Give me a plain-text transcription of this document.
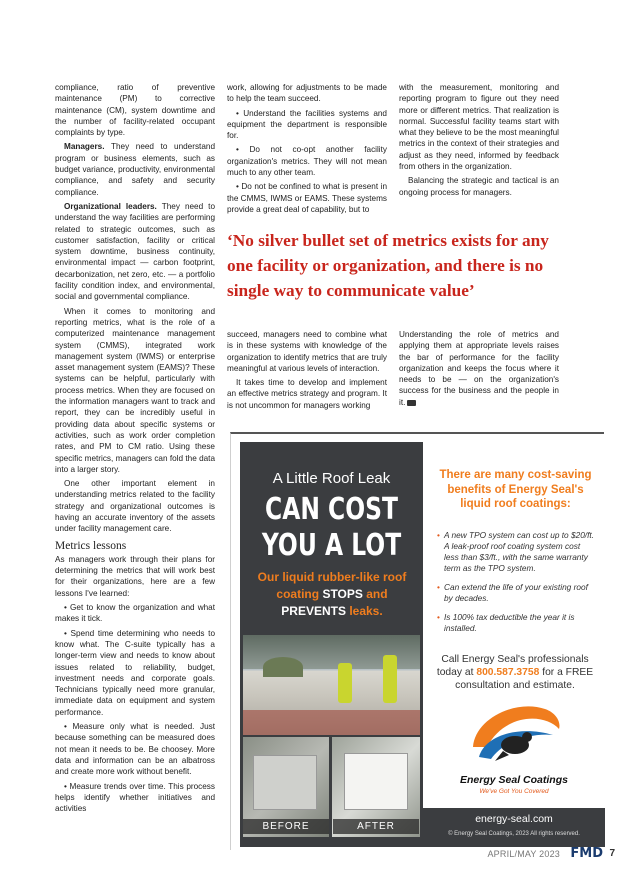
compliance, ratio of preventive maintenance (PM) to corrective maintenance (CM), system downtime and the number of facility-related occupant complaints by type.

Managers. They need to understand program or business elements, such as budget variance, productivity, environmental compliance, and safety and security compliance.

Organizational leaders. They need to understand the way facilities are performing related to strategic outcomes, such as customer satisfaction, facility or critical system downtime, business continuity, environmental impact — carbon footprint, decarbonization, net zero, etc. — a portfolio facility condition index, and environmental, social and governmental compliance.

When it comes to monitoring and reporting metrics, what is the role of a computerized maintenance management system (CMMS), integrated work management system (IWMS) or enterprise asset management system (EAMS)? These systems can be helpful, particularly with process metrics. When they are focused on the information managers want to track and report, they can be incredibly useful in providing data about specific systems or activities, such as work order completion rates, and PM to CM ratio. Using these specific metrics, managers can fold the data into a larger story.

One other important element in understanding metrics related to the facility strategy and organizational outcomes is having an accurate inventory of the assets under facility management care.

Metrics lessons

As managers work through their plans for determining the metrics that will work best for their organizations, here are a few lessons I've learned:

• Get to know the organization and what makes it tick.

• Spend time determining who needs to know what. The C-suite typically has a longer-term view and needs to know about issues related to reliability, budget, investment needs and corporate goals. Technicians typically need more granular, immediate data on equipment and system performance.

• Measure only what is needed. Just because something can be measured does not mean it needs to be. Be choosey. More data and information can be an albatross and create more work without benefit.

• Measure trends over time. This process helps identify whether initiatives and activities

work, allowing for adjustments to be made to help the team succeed.

• Understand the facilities systems and equipment the department is responsible for.

• Do not co-opt another facility organization's metrics. They will not mean much to any other team.

• Do not be confined to what is present in the CMMS, IWMS or EAMS. These systems provide a great deal of capability, but to

with the measurement, monitoring and reporting program to figure out they need more or different metrics. That realization is normal. Successful facility teams start with what they believe to be the most meaningful metrics in the context of their strategies and adjust as they need, informed by feedback from others in the organization.

Balancing the strategic and tactical is an ongoing process for managers.

‘No silver bullet set of metrics exists for any one facility or organization, and there is no single way to communicate value’

succeed, managers need to combine what is in these systems with knowledge of the organization to identify metrics that are truly meaningful at various levels of interaction.

It takes time to develop and implement an effective metrics strategy and program. It is not uncommon for managers working

Understanding the role of metrics and applying them at appropriate levels raises the bar of performance for the facility organization and keeps the focus where it needs to be — on the organization's success for the business and the people in it.

A Little Roof Leak
CAN COST
YOU A LOT
Our liquid rubber-like roof coating STOPS and PREVENTS leaks.
BEFORE	AFTER
There are many cost-saving benefits of Energy Seal's liquid roof coatings:
• A new TPO system can cost up to $20/ft. A leak-proof roof coating system cost less than $3/ft., with the same warranty term as the TPO system.
• Can extend the life of your existing roof by decades.
• Is 100% tax deductible the year it is installed.
Call Energy Seal's professionals today at 800.587.3758 for a FREE consultation and estimate.
Energy Seal Coatings
We've Got You Covered
energy-seal.com
© Energy Seal Coatings, 2023 All rights reserved.
APRIL/MAY 2023 FMD 7
